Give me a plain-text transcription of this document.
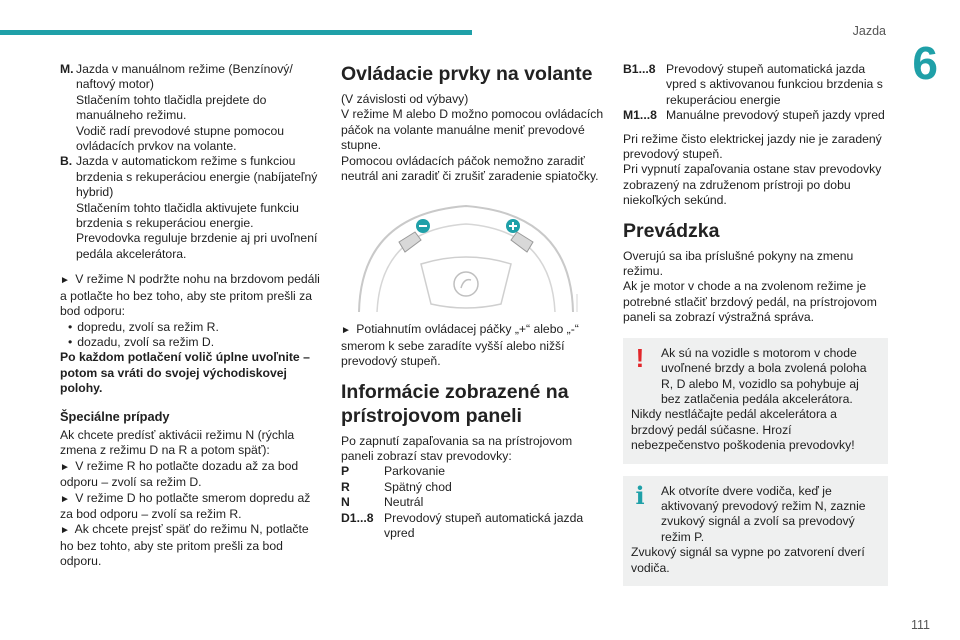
Jazda
6
111
M. Jazda v manuálnom režime (Benzínový/ naftový motor)

Stlačením tohto tlačidla prejdete do manuálneho režimu.

Vodič radí prevodové stupne pomocou ovládacích prvkov na volante.

B. Jazda v automatickom režime s funkciou brzdenia s rekuperáciou energie (nabíjateľný hybrid)

Stlačením tohto tlačidla aktivujete funkciu brzdenia s rekuperáciou energie.

Prevodovka reguluje brzdenie aj pri uvoľnení pedála akcelerátora.

► V režime N podržte nohu na brzdovom pedáli a potlačte ho bez toho, aby ste pritom prešli za bod odporu:

• dopredu, zvolí sa režim R.
• dozadu, zvolí sa režim D.

Po každom potlačení volič úplne uvoľnite – potom sa vráti do svojej východiskovej polohy.

Špeciálne prípady

Ak chcete predísť aktivácii režimu N (rýchla zmena z režimu D na R a potom späť):

► V režime R ho potlačte dozadu až za bod odporu – zvolí sa režim D.

► V režime D ho potlačte smerom dopredu až za bod odporu – zvolí sa režim R.

► Ak chcete prejsť späť do režimu N, potlačte ho bez tohto, aby ste pritom prešli za bod odporu.

Ovládacie prvky na volante

(V závislosti od výbavy)

V režime M alebo D možno pomocou ovládacích páčok na volante manuálne meniť prevodové stupne.

Pomocou ovládacích páčok nemožno zaradiť neutrál ani zaradiť či zrušiť zaradenie spiatočky.

► Potiahnutím ovládacej páčky „+“ alebo „-“ smerom k sebe zaradíte vyšší alebo nižší prevodový stupeň.

Informácie zobrazené na prístrojovom paneli

Po zapnutí zapaľovania sa na prístrojovom paneli zobrazí stav prevodovky:

P	Parkovanie
R	Spätný chod
N	Neutrál
D1...8 Prevodový stupeň automatická jazda vpred
B1...8 Prevodový stupeň automatická jazda vpred s aktivovanou funkciou brzdenia s rekuperáciou energie
M1...8 Manuálne prevodový stupeň jazdy vpred

Pri režime čisto elektrickej jazdy nie je zaradený prevodový stupeň.

Pri vypnutí zapaľovania ostane stav prevodovky zobrazený na združenom prístroji po dobu niekoľkých sekúnd.

Prevádzka

Overujú sa iba príslušné pokyny na zmenu režimu.

Ak je motor v chode a na zvolenom režime je potrebné stlačiť brzdový pedál, na prístrojovom paneli sa zobrazí výstražná správa.

!	Ak sú na vozidle s motorom v chode uvoľnené brzdy a bola zvolená poloha R, D alebo M, vozidlo sa pohybuje aj bez zatlačenia pedála akcelerátora.

Nikdy nestláčajte pedál akcelerátora a brzdový pedál súčasne. Hrozí nebezpečenstvo poškodenia prevodovky!

i	Ak otvoríte dvere vodiča, keď je aktivovaný prevodový režim N, zaznie zvukový signál a zvolí sa prevodový režim P.

Zvukový signál sa vypne po zatvorení dverí vodiča.
